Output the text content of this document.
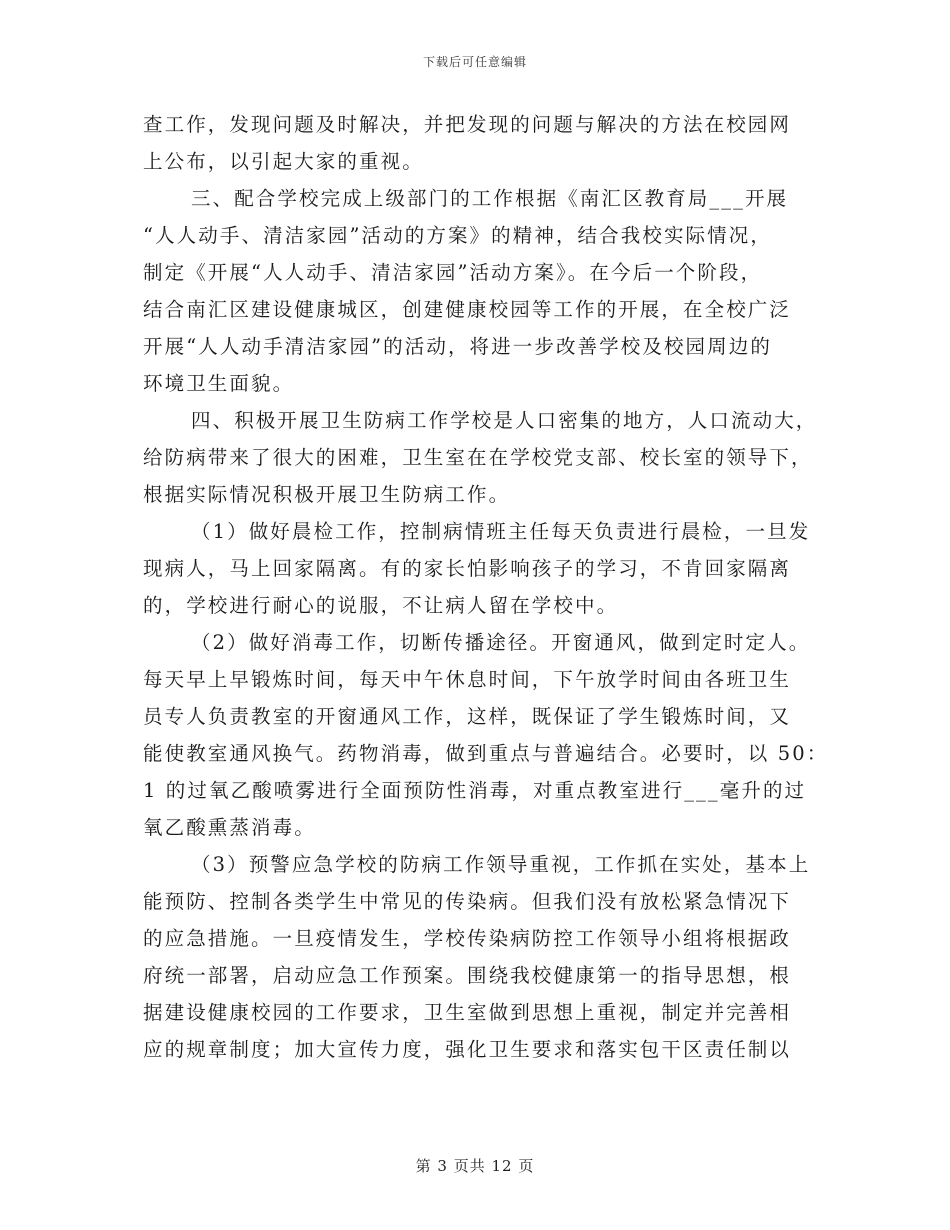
下载后可任意编辑
查工作，发现问题及时解决，并把发现的问题与解决的方法在校园网
上公布，以引起大家的重视。
三、配合学校完成上级部门的工作根据《南汇区教育局___开展
“人人动手、清洁家园”活动的方案》的精神，结合我校实际情况，
制定《开展“人人动手、清洁家园”活动方案》。在今后一个阶段，
结合南汇区建设健康城区，创建健康校园等工作的开展，在全校广泛
开展“人人动手清洁家园”的活动，将进一步改善学校及校园周边的
环境卫生面貌。
四、积极开展卫生防病工作学校是人口密集的地方，人口流动大，
给防病带来了很大的困难，卫生室在在学校党支部、校长室的领导下，
根据实际情况积极开展卫生防病工作。
（1）做好晨检工作，控制病情班主任每天负责进行晨检，一旦发
现病人，马上回家隔离。有的家长怕影响孩子的学习，不肯回家隔离
的，学校进行耐心的说服，不让病人留在学校中。
（2）做好消毒工作，切断传播途径。开窗通风，做到定时定人。
每天早上早锻炼时间，每天中午休息时间，下午放学时间由各班卫生
员专人负责教室的开窗通风工作，这样，既保证了学生锻炼时间，又
能使教室通风换气。药物消毒，做到重点与普遍结合。必要时，以 50：
1 的过氧乙酸喷雾进行全面预防性消毒，对重点教室进行___毫升的过
氧乙酸熏蒸消毒。
（3）预警应急学校的防病工作领导重视，工作抓在实处，基本上
能预防、控制各类学生中常见的传染病。但我们没有放松紧急情况下
的应急措施。一旦疫情发生，学校传染病防控工作领导小组将根据政
府统一部署，启动应急工作预案。围绕我校健康第一的指导思想，根
据建设健康校园的工作要求，卫生室做到思想上重视，制定并完善相
应的规章制度；加大宣传力度，强化卫生要求和落实包干区责任制以
第 3 页共 12 页
